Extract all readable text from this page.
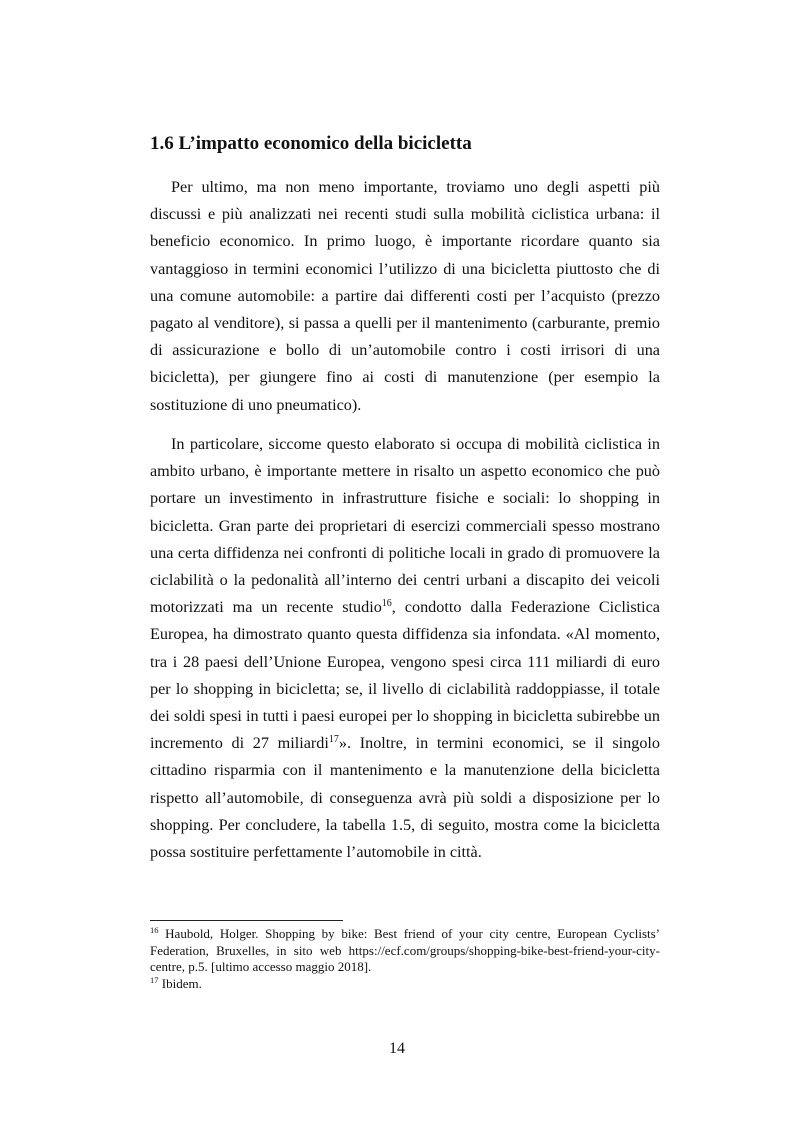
1.6 L’impatto economico della bicicletta

Per ultimo, ma non meno importante, troviamo uno degli aspetti più discussi e più analizzati nei recenti studi sulla mobilità ciclistica urbana: il beneficio economico. In primo luogo, è importante ricordare quanto sia vantaggioso in termini economici l’utilizzo di una bicicletta piuttosto che di una comune automobile: a partire dai differenti costi per l’acquisto (prezzo pagato al venditore), si passa a quelli per il mantenimento (carburante, premio di assicurazione e bollo di un’automobile contro i costi irrisori di una bicicletta), per giungere fino ai costi di manutenzione (per esempio la sostituzione di uno pneumatico).

In particolare, siccome questo elaborato si occupa di mobilità ciclistica in ambito urbano, è importante mettere in risalto un aspetto economico che può portare un investimento in infrastrutture fisiche e sociali: lo shopping in bicicletta. Gran parte dei proprietari di esercizi commerciali spesso mostrano una certa diffidenza nei confronti di politiche locali in grado di promuovere la ciclabilità o la pedonalità all’interno dei centri urbani a discapito dei veicoli motorizzati ma un recente studio$^{16}$, condotto dalla Federazione Ciclistica Europea, ha dimostrato quanto questa diffidenza sia infondata. «Al momento, tra i 28 paesi dell’Unione Europea, vengono spesi circa 111 miliardi di euro per lo shopping in bicicletta; se, il livello di ciclabilità raddoppiasse, il totale dei soldi spesi in tutti i paesi europei per lo shopping in bicicletta subirebbe un incremento di 27 miliardi$^{17}$». Inoltre, in termini economici, se il singolo cittadino risparmia con il mantenimento e la manutenzione della bicicletta rispetto all’automobile, di conseguenza avrà più soldi a disposizione per lo shopping. Per concludere, la tabella 1.5, di seguito, mostra come la bicicletta possa sostituire perfettamente l’automobile in città.

$^{16}$ Haubold, Holger. Shopping by bike: Best friend of your city centre, European Cyclists’ Federation, Bruxelles, in sito web https://ecf.com/groups/shopping-bike-best-friend-your-city-centre, p.5. [ultimo accesso maggio 2018].

$^{17}$ Ibidem.

14
